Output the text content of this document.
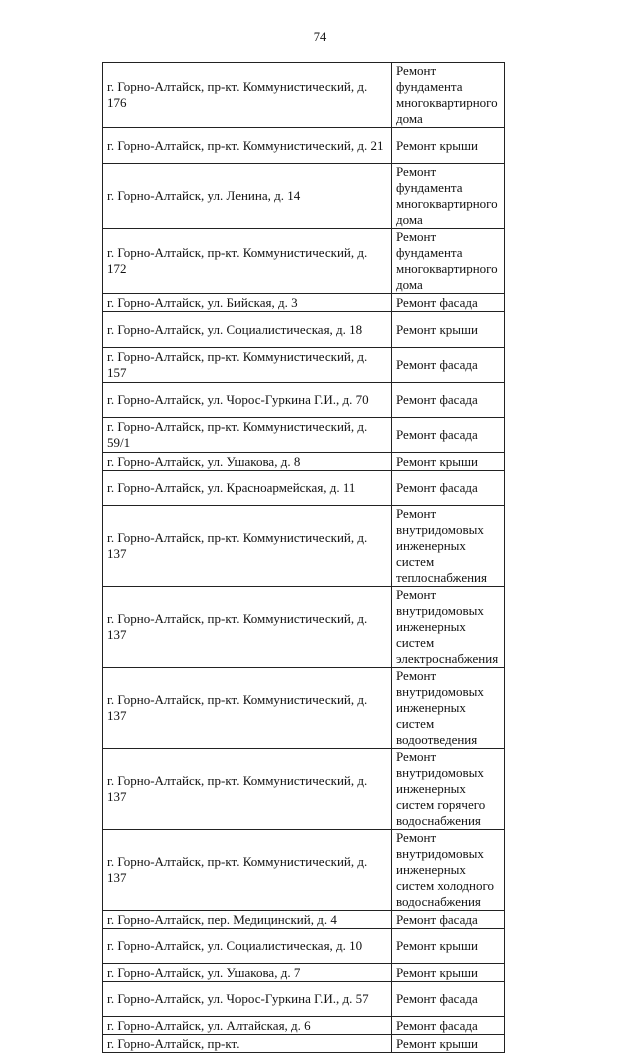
74
г. Горно-Алтайск, пр-кт. Коммунистический, д. 176	Ремонт фундамента многоквартирного дома
г. Горно-Алтайск, пр-кт. Коммунистический, д. 21	Ремонт крыши
г. Горно-Алтайск, ул. Ленина, д. 14	Ремонт фундамента многоквартирного дома
г. Горно-Алтайск, пр-кт. Коммунистический, д. 172	Ремонт фундамента многоквартирного дома
г. Горно-Алтайск, ул. Бийская, д. 3	Ремонт фасада
г. Горно-Алтайск, ул. Социалистическая, д. 18	Ремонт крыши
г. Горно-Алтайск, пр-кт. Коммунистический, д. 157	Ремонт фасада
г. Горно-Алтайск, ул. Чорос-Гуркина Г.И., д. 70	Ремонт фасада
г. Горно-Алтайск, пр-кт. Коммунистический, д. 59/1	Ремонт фасада
г. Горно-Алтайск, ул. Ушакова, д. 8	Ремонт крыши
г. Горно-Алтайск, ул. Красноармейская, д. 11	Ремонт фасада
г. Горно-Алтайск, пр-кт. Коммунистический, д. 137	Ремонт внутридомовых инженерных систем теплоснабжения
г. Горно-Алтайск, пр-кт. Коммунистический, д. 137	Ремонт внутридомовых инженерных систем электроснабжения
г. Горно-Алтайск, пр-кт. Коммунистический, д. 137	Ремонт внутридомовых инженерных систем водоотведения
г. Горно-Алтайск, пр-кт. Коммунистический, д. 137	Ремонт внутридомовых инженерных систем горячего водоснабжения
г. Горно-Алтайск, пр-кт. Коммунистический, д. 137	Ремонт внутридомовых инженерных систем холодного водоснабжения
г. Горно-Алтайск, пер. Медицинский, д. 4	Ремонт фасада
г. Горно-Алтайск, ул. Социалистическая, д. 10	Ремонт крыши
г. Горно-Алтайск, ул. Ушакова, д. 7	Ремонт крыши
г. Горно-Алтайск, ул. Чорос-Гуркина Г.И., д. 57	Ремонт фасада
г. Горно-Алтайск, ул. Алтайская, д. 6	Ремонт фасада
г. Горно-Алтайск, пр-кт.	Ремонт крыши
